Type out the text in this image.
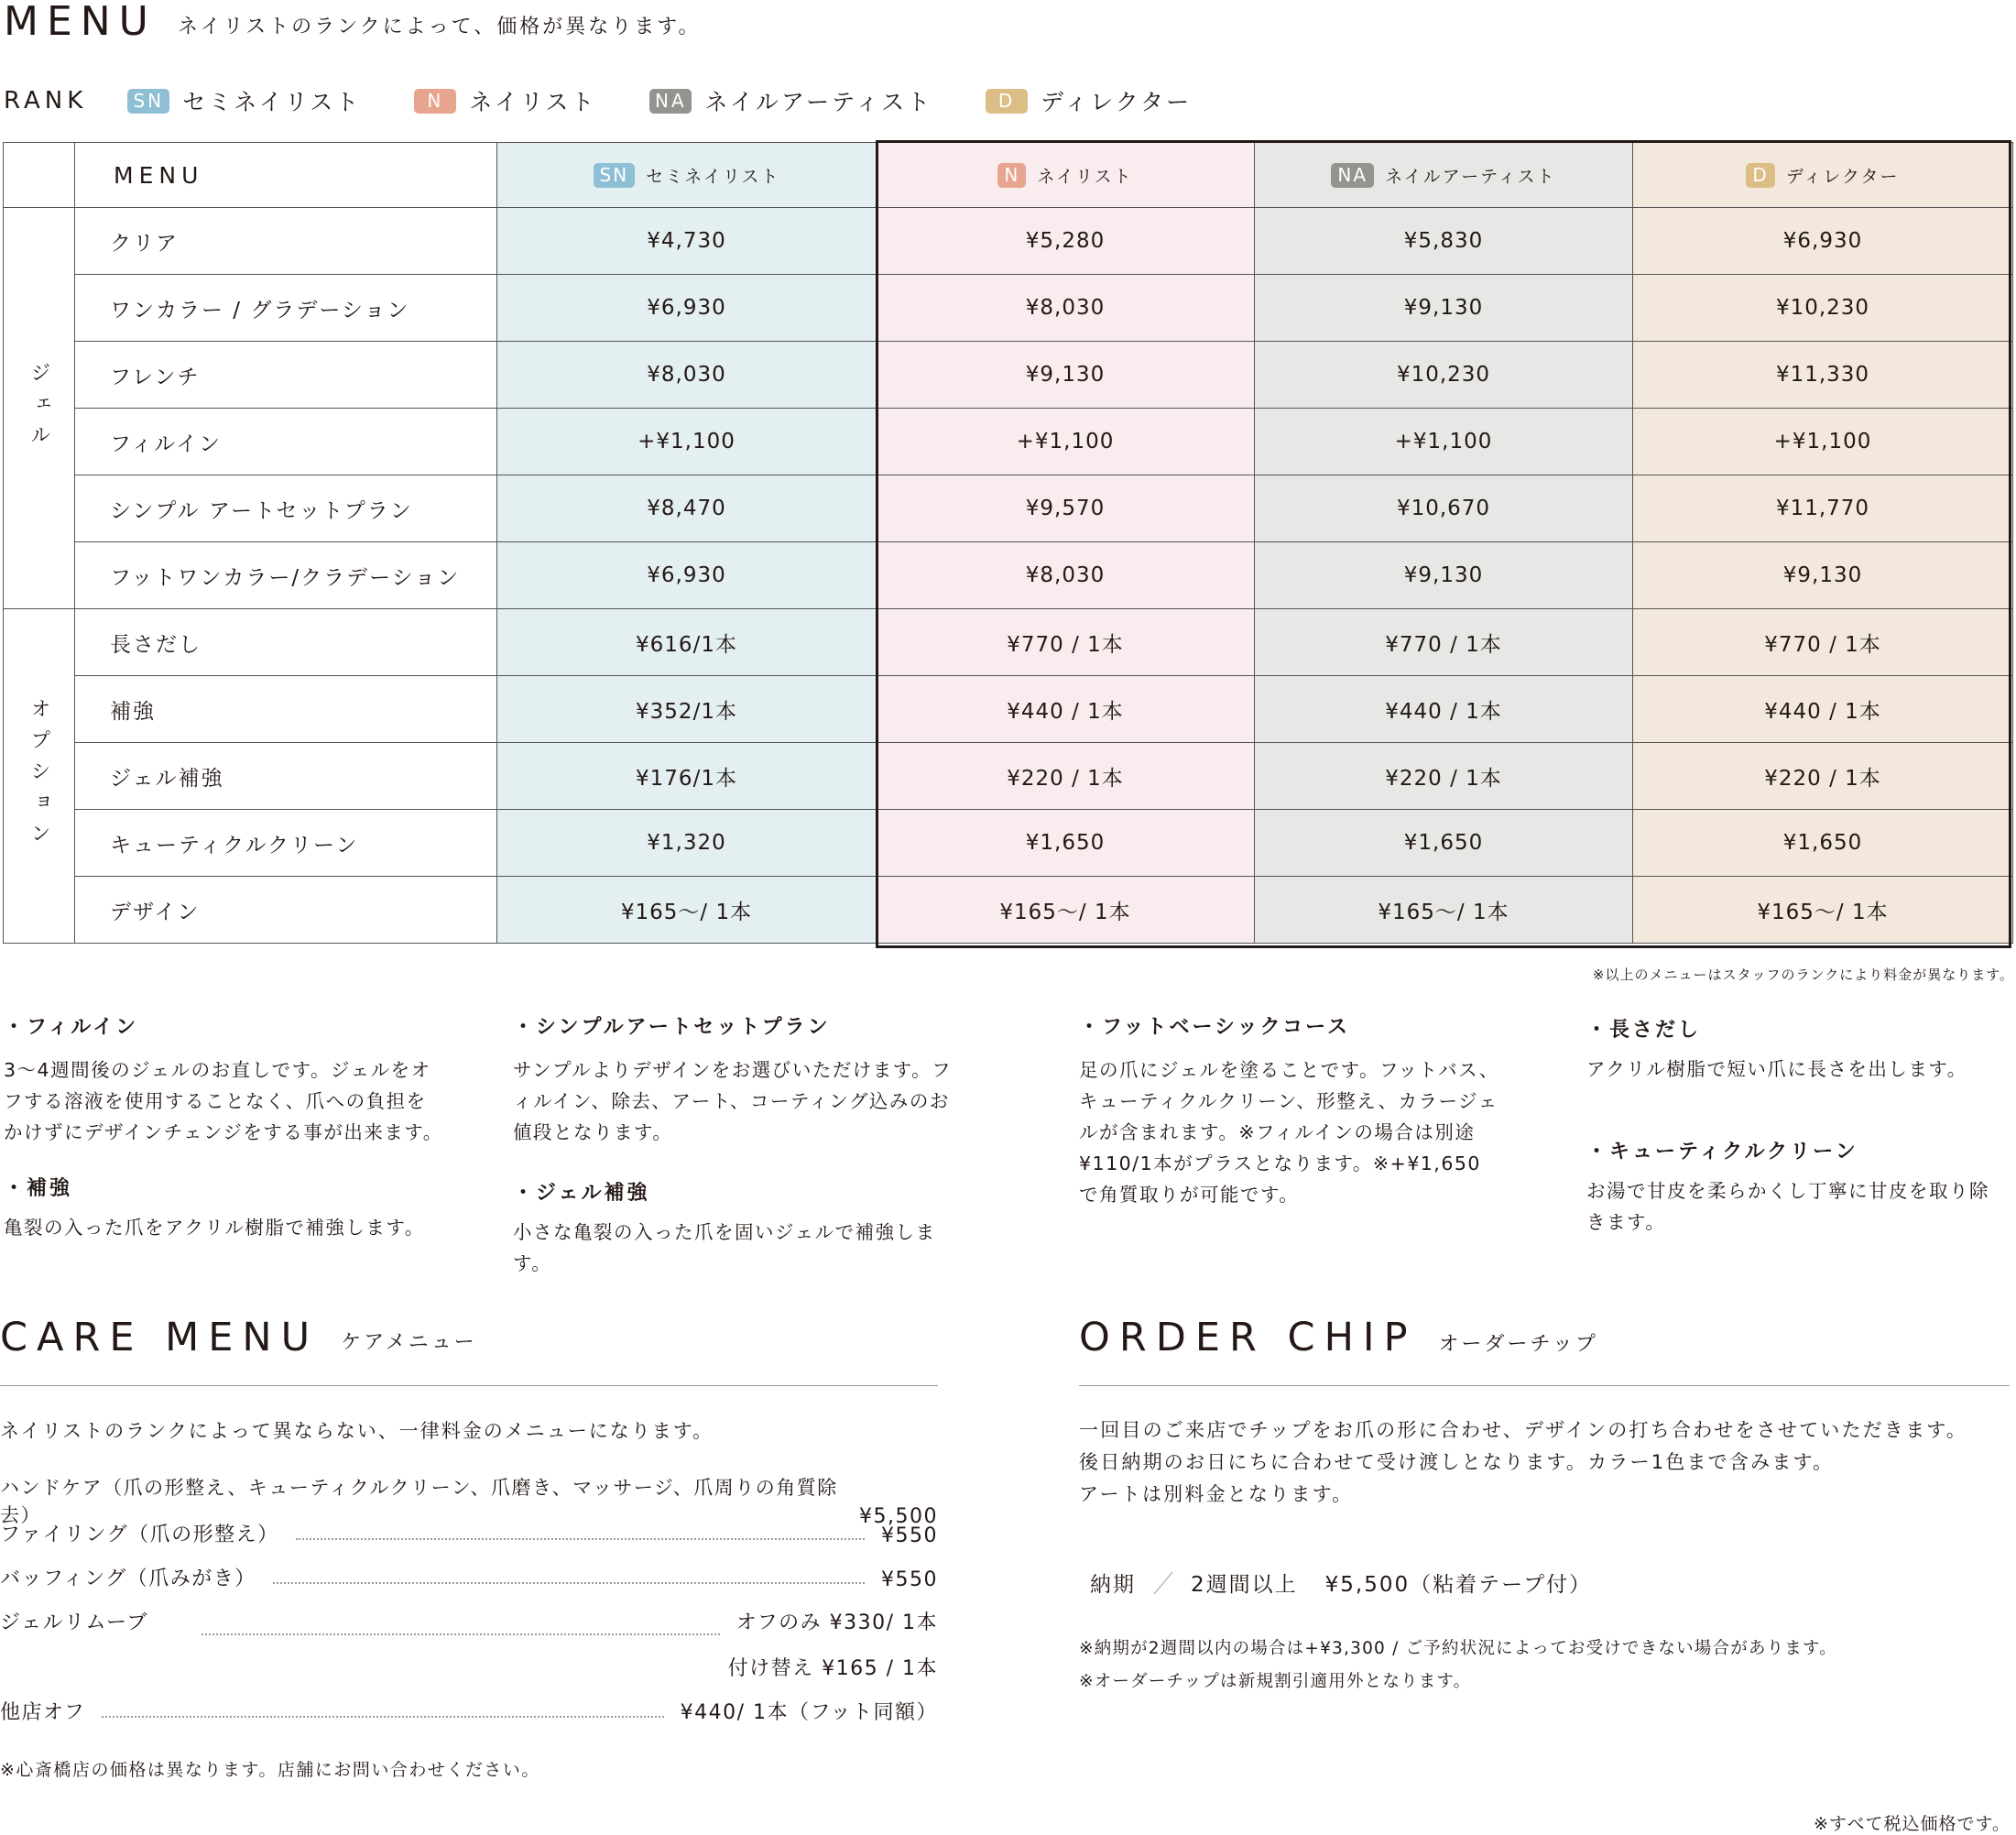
MENU ネイリストのランクによって、価格が異なります。
RANK	SN セミネイリスト	N	ネイリスト	NA ネイルアーティスト	D	ディレクター
	MENU	SN セミネイリスト	N ネイリスト	NA ネイルアーティスト	D ディレクター

ジェル	クリア	¥4,730	¥5,280	¥5,830	¥6,930
	ワンカラー / グラデーション	¥6,930	¥8,030	¥9,130	¥10,230
	フレンチ	¥8,030	¥9,130	¥10,230	¥11,330
	フィルイン	+¥1,100	+¥1,100	+¥1,100	+¥1,100
	シンプル アートセットプラン	¥8,470	¥9,570	¥10,670	¥11,770
	フットワンカラー/クラデーション	¥6,930	¥8,030	¥9,130	¥9,130

オプション	長さだし	¥616/1本	¥770 / 1本	¥770 / 1本	¥770 / 1本
	補強	¥352/1本	¥440 / 1本	¥440 / 1本	¥440 / 1本
	ジェル補強	¥176/1本	¥220 / 1本	¥220 / 1本	¥220 / 1本
	キューティクルクリーン	¥1,320	¥1,650	¥1,650	¥1,650
	デザイン	¥165～/ 1本	¥165～/ 1本	¥165～/ 1本	¥165～/ 1本
※以上のメニューはスタッフのランクにより料金が異なります。
・フィルイン
3～4週間後のジェルのお直しです。ジェルをオフする溶液を使用することなく、爪への負担をかけずにデザインチェンジをする事が出来ます。
・補強
亀裂の入った爪をアクリル樹脂で補強します。
・シンプルアートセットプラン
サンプルよりデザインをお選びいただけます。フィルイン、除去、アート、コーティング込みのお値段となります。
・ジェル補強
小さな亀裂の入った爪を固いジェルで補強します。
・フットベーシックコース
足の爪にジェルを塗ることです。フットバス、キューティクルクリーン、形整え、カラージェルが含まれます。※フィルインの場合は別途¥110/1本がプラスとなります。※+¥1,650で角質取りが可能です。
・長さだし
アクリル樹脂で短い爪に長さを出します。
・キューティクルクリーン
お湯で甘皮を柔らかくし丁寧に甘皮を取り除きます。
CARE MENU ケアメニュー
ネイリストのランクによって異ならない、一律料金のメニューになります。
ハンドケア（爪の形整え、キューティクルクリーン、爪磨き、マッサージ、爪周りの角質除去）	¥5,500
ファイリング（爪の形整え）	¥550
バッフィング（爪みがき）	¥550
ジェルリムーブ	オフのみ ¥330/ 1本
付け替え ¥165 / 1本
他店オフ	¥440/ 1本（フット同額）
※心斎橋店の価格は異なります。店舗にお問い合わせください。
ORDER CHIP オーダーチップ
一回目のご来店でチップをお爪の形に合わせ、デザインの打ち合わせをさせていただきます。
後日納期のお日にちに合わせて受け渡しとなります。カラー1色まで含みます。
アートは別料金となります。
納期	2週間以上 ¥5,500（粘着テープ付）
※納期が2週間以内の場合は+¥3,300 / ご予約状況によってお受けできない場合があります。
※オーダーチップは新規割引適用外となります。
※すべて税込価格です。
